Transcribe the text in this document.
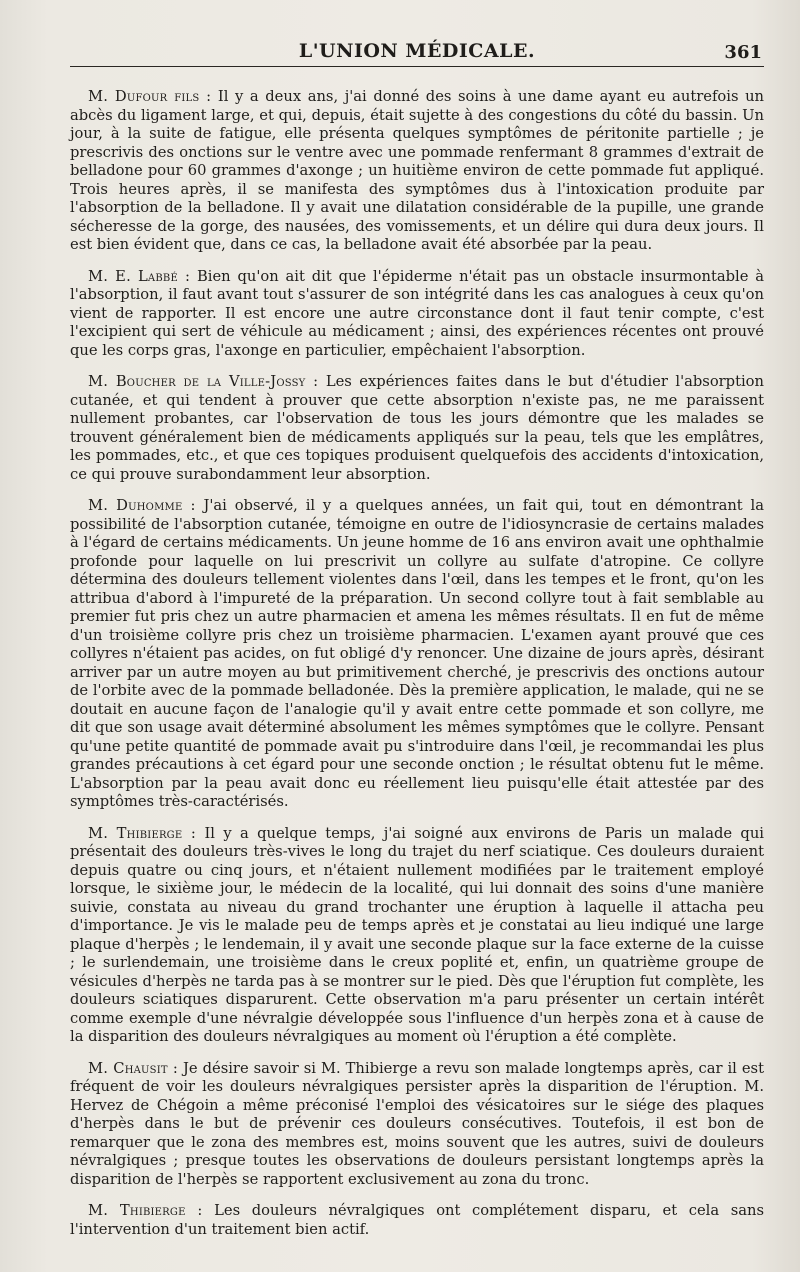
L'UNION MÉDICALE.	361

M. Dufour fils : Il y a deux ans, j'ai donné des soins à une dame ayant eu autrefois un abcès du ligament large, et qui, depuis, était sujette à des congestions du côté du bassin. Un jour, à la suite de fatigue, elle présenta quelques symptômes de péritonite partielle ; je prescrivis des onctions sur le ventre avec une pommade renfermant 8 grammes d'extrait de belladone pour 60 grammes d'axonge ; un huitième environ de cette pommade fut appliqué. Trois heures après, il se manifesta des symptômes dus à l'intoxication produite par l'absorption de la belladone. Il y avait une dilatation considérable de la pupille, une grande sécheresse de la gorge, des nausées, des vomissements, et un délire qui dura deux jours. Il est bien évident que, dans ce cas, la belladone avait été absorbée par la peau.

M. E. Labbé : Bien qu'on ait dit que l'épiderme n'était pas un obstacle insurmontable à l'absorption, il faut avant tout s'assurer de son intégrité dans les cas analogues à ceux qu'on vient de rapporter. Il est encore une autre circonstance dont il faut tenir compte, c'est l'excipient qui sert de véhicule au médicament ; ainsi, des expériences récentes ont prouvé que les corps gras, l'axonge en particulier, empêchaient l'absorption.

M. Boucher de la Ville-Jossy : Les expériences faites dans le but d'étudier l'absorption cutanée, et qui tendent à prouver que cette absorption n'existe pas, ne me paraissent nullement probantes, car l'observation de tous les jours démontre que les malades se trouvent généralement bien de médicaments appliqués sur la peau, tels que les emplâtres, les pommades, etc., et que ces topiques produisent quelquefois des accidents d'intoxication, ce qui prouve surabondamment leur absorption.

M. Duhomme : J'ai observé, il y a quelques années, un fait qui, tout en démontrant la possibilité de l'absorption cutanée, témoigne en outre de l'idiosyncrasie de certains malades à l'égard de certains médicaments. Un jeune homme de 16 ans environ avait une ophthalmie profonde pour laquelle on lui prescrivit un collyre au sulfate d'atropine. Ce collyre détermina des douleurs tellement violentes dans l'œil, dans les tempes et le front, qu'on les attribua d'abord à l'impureté de la préparation. Un second collyre tout à fait semblable au premier fut pris chez un autre pharmacien et amena les mêmes résultats. Il en fut de même d'un troisième collyre pris chez un troisième pharmacien. L'examen ayant prouvé que ces collyres n'étaient pas acides, on fut obligé d'y renoncer. Une dizaine de jours après, désirant arriver par un autre moyen au but primitivement cherché, je prescrivis des onctions autour de l'orbite avec de la pommade belladonée. Dès la première application, le malade, qui ne se doutait en aucune façon de l'analogie qu'il y avait entre cette pommade et son collyre, me dit que son usage avait déterminé absolument les mêmes symptômes que le collyre. Pensant qu'une petite quantité de pommade avait pu s'introduire dans l'œil, je recommandai les plus grandes précautions à cet égard pour une seconde onction ; le résultat obtenu fut le même. L'absorption par la peau avait donc eu réellement lieu puisqu'elle était attestée par des symptômes très-caractérisés.

M. Thibierge : Il y a quelque temps, j'ai soigné aux environs de Paris un malade qui présentait des douleurs très-vives le long du trajet du nerf sciatique. Ces douleurs duraient depuis quatre ou cinq jours, et n'étaient nullement modifiées par le traitement employé lorsque, le sixième jour, le médecin de la localité, qui lui donnait des soins d'une manière suivie, constata au niveau du grand trochanter une éruption à laquelle il attacha peu d'importance. Je vis le malade peu de temps après et je constatai au lieu indiqué une large plaque d'herpès ; le lendemain, il y avait une seconde plaque sur la face externe de la cuisse ; le surlendemain, une troisième dans le creux poplité et, enfin, un quatrième groupe de vésicules d'herpès ne tarda pas à se montrer sur le pied. Dès que l'éruption fut complète, les douleurs sciatiques disparurent. Cette observation m'a paru présenter un certain intérêt comme exemple d'une névralgie développée sous l'influence d'un herpès zona et à cause de la disparition des douleurs névralgiques au moment où l'éruption a été complète.

M. Chausit : Je désire savoir si M. Thibierge a revu son malade longtemps après, car il est fréquent de voir les douleurs névralgiques persister après la disparition de l'éruption. M. Hervez de Chégoin a même préconisé l'emploi des vésicatoires sur le siége des plaques d'herpès dans le but de prévenir ces douleurs consécutives. Toutefois, il est bon de remarquer que le zona des membres est, moins souvent que les autres, suivi de douleurs névralgiques ; presque toutes les observations de douleurs persistant longtemps après la disparition de l'herpès se rapportent exclusivement au zona du tronc.

M. Thibierge : Les douleurs névralgiques ont complétement disparu, et cela sans l'intervention d'un traitement bien actif.
